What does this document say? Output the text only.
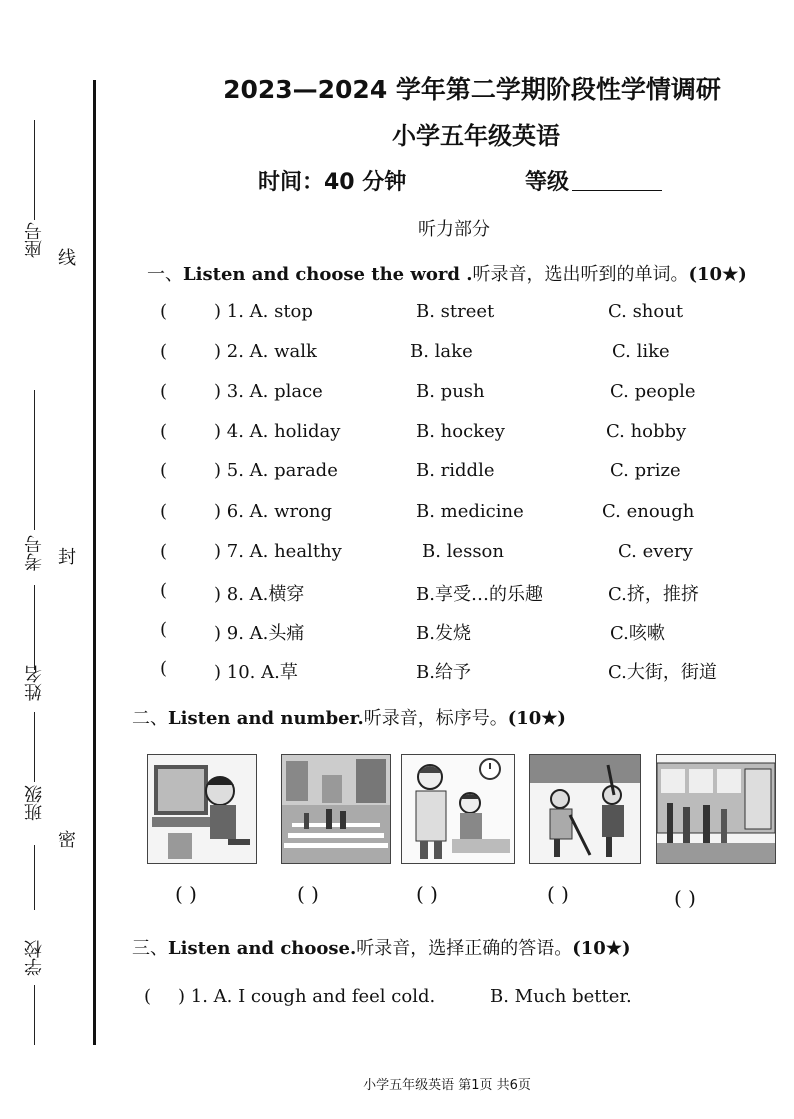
座号
线
考号 封
姓名
班级
密
学校
2023—2024 学年第二学期阶段性学情调研
小学五年级英语
时间：40 分钟	等级
听力部分
一、Listen and choose the word .听录音，选出听到的单词。(10★)
(	) 1. A. stop	B. street	C. shout
(	) 2. A. walk	B. lake	C. like
(	) 3. A. place	B. push	C. people
(	) 4. A. holiday	B. hockey	C. hobby
(	) 5. A. parade	B. riddle	C. prize
(	) 6. A. wrong	B. medicine	C. enough
(	) 7. A. healthy	B. lesson	C. every
(	) 8. A.横穿	B.享受…的乐趣	C.挤，推挤
(	) 9. A.头痛	B.发烧	C.咳嗽
(	) 10. A.草	B.给予	C.大街，街道
二、Listen and number.听录音，标序号。(10★)
( )	( )	( )	( )	( )
三、Listen and choose.听录音，选择正确的答语。(10★)
( ) 1. A. I cough and feel cold.	B. Much better.
小学五年级英语 第1页 共6页
